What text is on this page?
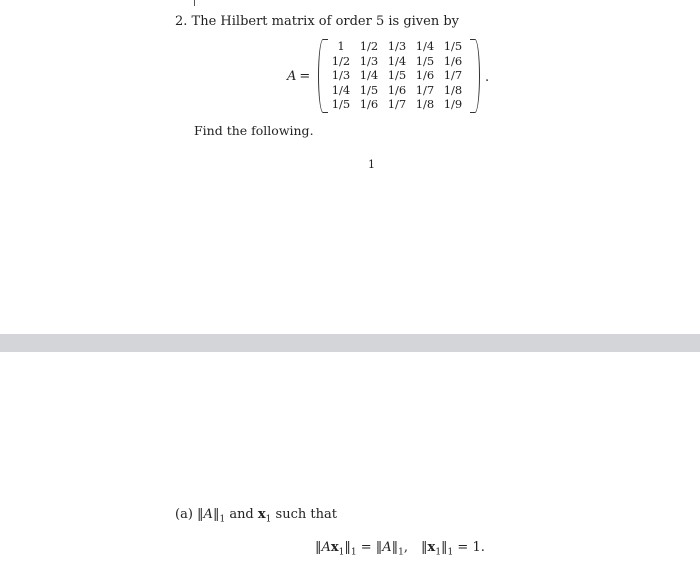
2. The Hilbert matrix of order 5 is given by
A =
1	1/2 1/3 1/4 1/5
1/2 1/3 1/4 1/5 1/6
1/3 1/4 1/5 1/6 1/7
1/4 1/5 1/6 1/7 1/8
1/5 1/6 1/7 1/8 1/9
.
Find the following.
1
(a) $‖A‖_1$ and $x_1$ such that
$‖Ax_1‖_1$ = $‖A‖_1$, $‖x_1‖_1 = 1$.
